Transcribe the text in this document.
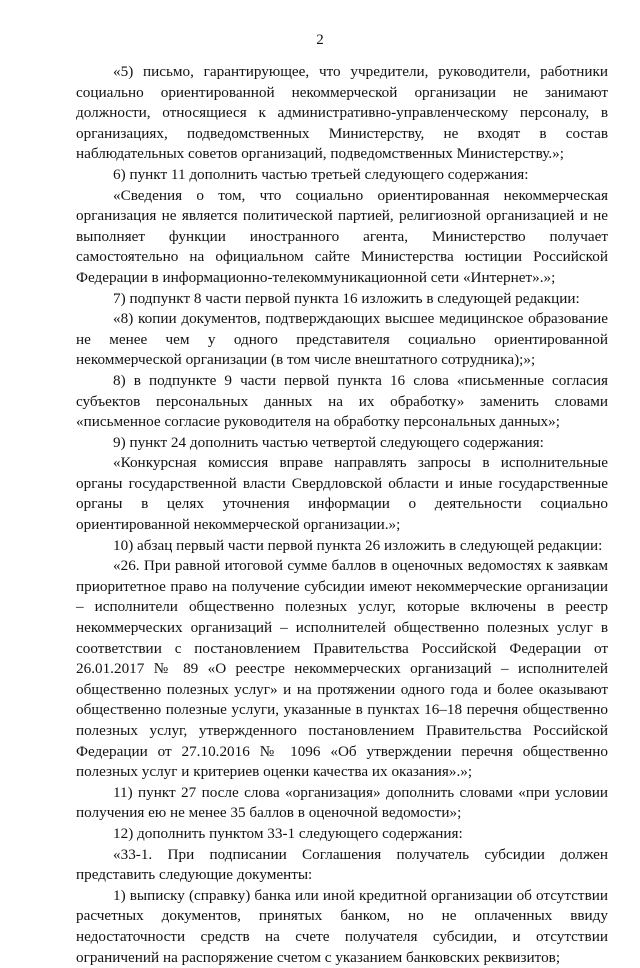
2

«5) письмо, гарантирующее, что учредители, руководители, работники социально ориентированной некоммерческой организации не занимают должности, относящиеся к административно-управленческому персоналу, в организациях, подведомственных Министерству, не входят в состав наблюдательных советов организаций, подведомственных Министерству.»;

6) пункт 11 дополнить частью третьей следующего содержания:

«Сведения о том, что социально ориентированная некоммерческая организация не является политической партией, религиозной организацией и не выполняет функции иностранного агента, Министерство получает самостоятельно на официальном сайте Министерства юстиции Российской Федерации в информационно-телекоммуникационной сети «Интернет».»;

7) подпункт 8 части первой пункта 16 изложить в следующей редакции:

«8) копии документов, подтверждающих высшее медицинское образование не менее чем у одного представителя социально ориентированной некоммерческой организации (в том числе внештатного сотрудника);»;

8) в подпункте 9 части первой пункта 16 слова «письменные согласия субъектов персональных данных на их обработку» заменить словами «письменное согласие руководителя на обработку персональных данных»;

9) пункт 24 дополнить частью четвертой следующего содержания:

«Конкурсная комиссия вправе направлять запросы в исполнительные органы государственной власти Свердловской области и иные государственные органы в целях уточнения информации о деятельности социально ориентированной некоммерческой организации.»;

10) абзац первый части первой пункта 26 изложить в следующей редакции:

«26. При равной итоговой сумме баллов в оценочных ведомостях к заявкам приоритетное право на получение субсидии имеют некоммерческие организации – исполнители общественно полезных услуг, которые включены в реестр некоммерческих организаций – исполнителей общественно полезных услуг в соответствии с постановлением Правительства Российской Федерации от 26.01.2017 № 89 «О реестре некоммерческих организаций – исполнителей общественно полезных услуг» и на протяжении одного года и более оказывают общественно полезные услуги, указанные в пунктах 16–18 перечня общественно полезных услуг, утвержденного постановлением Правительства Российской Федерации от 27.10.2016 № 1096 «Об утверждении перечня общественно полезных услуг и критериев оценки качества их оказания».»;

11) пункт 27 после слова «организация» дополнить словами «при условии получения ею не менее 35 баллов в оценочной ведомости»;

12) дополнить пунктом 33-1 следующего содержания:

«33-1. При подписании Соглашения получатель субсидии должен представить следующие документы:

1) выписку (справку) банка или иной кредитной организации об отсутствии расчетных документов, принятых банком, но не оплаченных ввиду недостаточности средств на счете получателя субсидии, и отсутствии ограничений на распоряжение счетом с указанием банковских реквизитов;
